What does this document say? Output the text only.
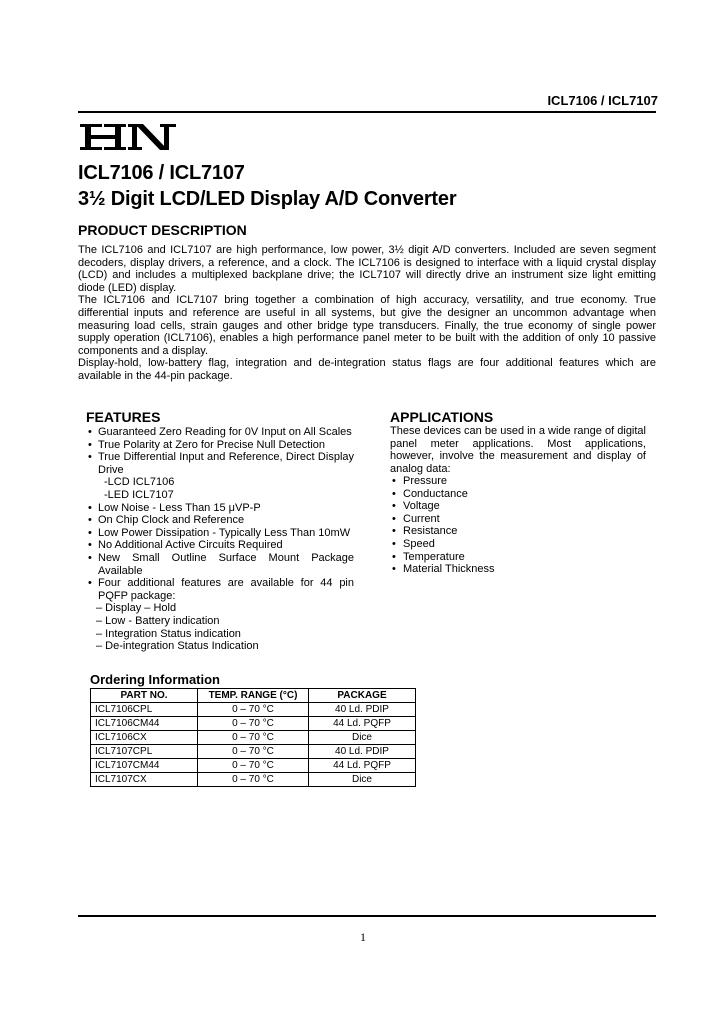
ICL7106 / ICL7107
ICL7106 / ICL7107
3½ Digit LCD/LED Display A/D Converter
PRODUCT DESCRIPTION

The ICL7106 and ICL7107 are high performance, low power, 3½ digit A/D converters. Included are seven segment decoders, display drivers, a reference, and a clock. The ICL7106 is designed to interface with a liquid crystal display (LCD) and includes a multiplexed backplane drive; the ICL7107 will directly drive an instrument size light emitting diode (LED) display.

The ICL7106 and ICL7107 bring together a combination of high accuracy, versatility, and true economy. True differential inputs and reference are useful in all systems, but give the designer an uncommon advantage when measuring load cells, strain gauges and other bridge type transducers. Finally, the true economy of single power supply operation (ICL7106), enables a high performance panel meter to be built with the addition of only 10 passive components and a display.

Display-hold, low-battery flag, integration and de-integration status flags are four additional features which are available in the 44-pin package.

FEATURES
• Guaranteed Zero Reading for 0V Input on All Scales
• True Polarity at Zero for Precise Null Detection
• True Differential Input and Reference, Direct Display Drive
-LCD ICL7106
-LED ICL7107
• Low Noise - Less Than 15 μVP-P
• On Chip Clock and Reference
• Low Power Dissipation - Typically Less Than 10mW
• No Additional Active Circuits Required
• New Small Outline Surface Mount Package Available
• Four additional features are available for 44 pin PQFP package:
– Display – Hold
– Low - Battery indication
– Integration Status indication
– De-integration Status Indication
APPLICATIONS
These devices can be used in a wide range of digital panel meter applications. Most applications, however, involve the measurement and display of analog data:
• Pressure
• Conductance
• Voltage
• Current
• Resistance
• Speed
• Temperature
• Material Thickness
Ordering Information
PART NO.	TEMP. RANGE (°C)	PACKAGE
ICL7106CPL	0 – 70 °C	40 Ld. PDIP
ICL7106CM44	0 – 70 °C	44 Ld. PQFP
ICL7106CX	0 – 70 °C	Dice
ICL7107CPL	0 – 70 °C	40 Ld. PDIP
ICL7107CM44	0 – 70 °C	44 Ld. PQFP
ICL7107CX	0 – 70 °C	Dice
1
